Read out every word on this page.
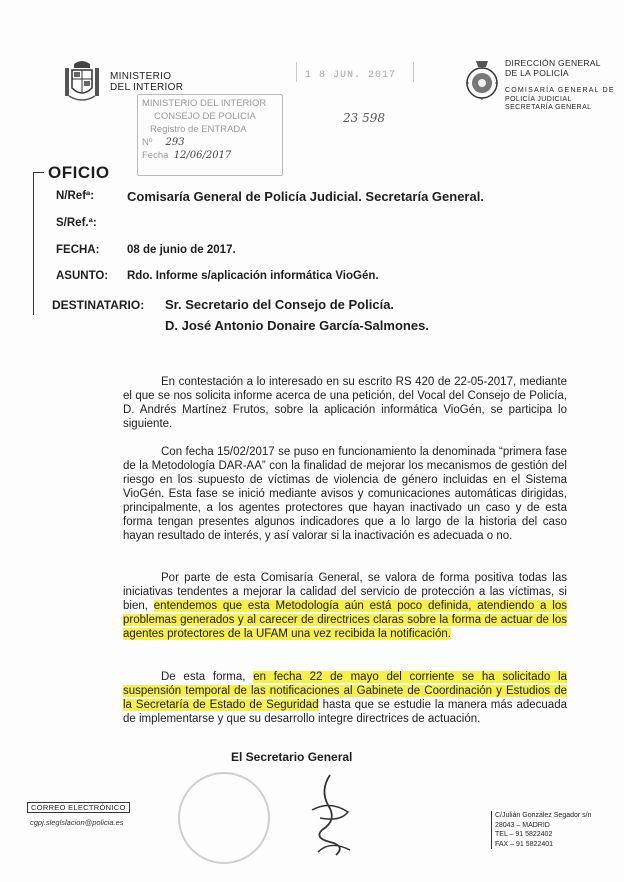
MINISTERIO
DEL INTERIOR
MINISTERIO DEL INTERIOR
CONSEJO DE POLICIA
Registro de ENTRADA
Nº 293
Fecha 12/06/2017
1 8 JUN. 2017
23 598
DIRECCIÓN GENERAL
DE LA POLICÍA
COMISARÍA GENERAL DE
POLICÍA JUDICIAL
SECRETARÍA GENERAL
OFICIO
N/Refª:	Comisaría General de Policía Judicial. Secretaría General.
S/Ref.ª:
FECHA: 08 de junio de 2017.
ASUNTO: Rdo. Informe s/aplicación informática VioGén.
DESTINATARIO: Sr. Secretario del Consejo de Policía.
D. José Antonio Donaire García-Salmones.
En contestación a lo interesado en su escrito RS 420 de 22-05-2017, mediante el que se nos solicita informe acerca de una petición, del Vocal del Consejo de Policía, D. Andrés Martínez Frutos, sobre la aplicación informática VioGén, se participa lo siguiente.
Con fecha 15/02/2017 se puso en funcionamiento la denominada “primera fase de la Metodología DAR-AA” con la finalidad de mejorar los mecanismos de gestión del riesgo en los supuesto de víctimas de violencia de género incluidas en el Sistema VioGén. Esta fase se inició mediante avisos y comunicaciones automáticas dirigidas, principalmente, a los agentes protectores que hayan inactivado un caso y de esta forma tengan presentes algunos indicadores que a lo largo de la historia del caso hayan resultado de interés, y así valorar si la inactivación es adecuada o no.
Por parte de esta Comisaría General, se valora de forma positiva todas las iniciativas tendentes a mejorar la calidad del servicio de protección a las víctimas, si bien, entendemos que esta Metodología aún está poco definida, atendiendo a los problemas generados y al carecer de directrices claras sobre la forma de actuar de los agentes protectores de la UFAM una vez recibida la notificación.
De esta forma, en fecha 22 de mayo del corriente se ha solicitado la suspensión temporal de las notificaciones al Gabinete de Coordinación y Estudios de la Secretaría de Estado de Seguridad hasta que se estudie la manera más adecuada de implementarse y que su desarrollo integre directrices de actuación.
El Secretario General
CORREO ELECTRÓNICO
cgpj.sleglslacion@policia.es
C/Julián González Segador s/n
28043 – MADRID
TEL – 91 5822402
FAX – 91 5822401
